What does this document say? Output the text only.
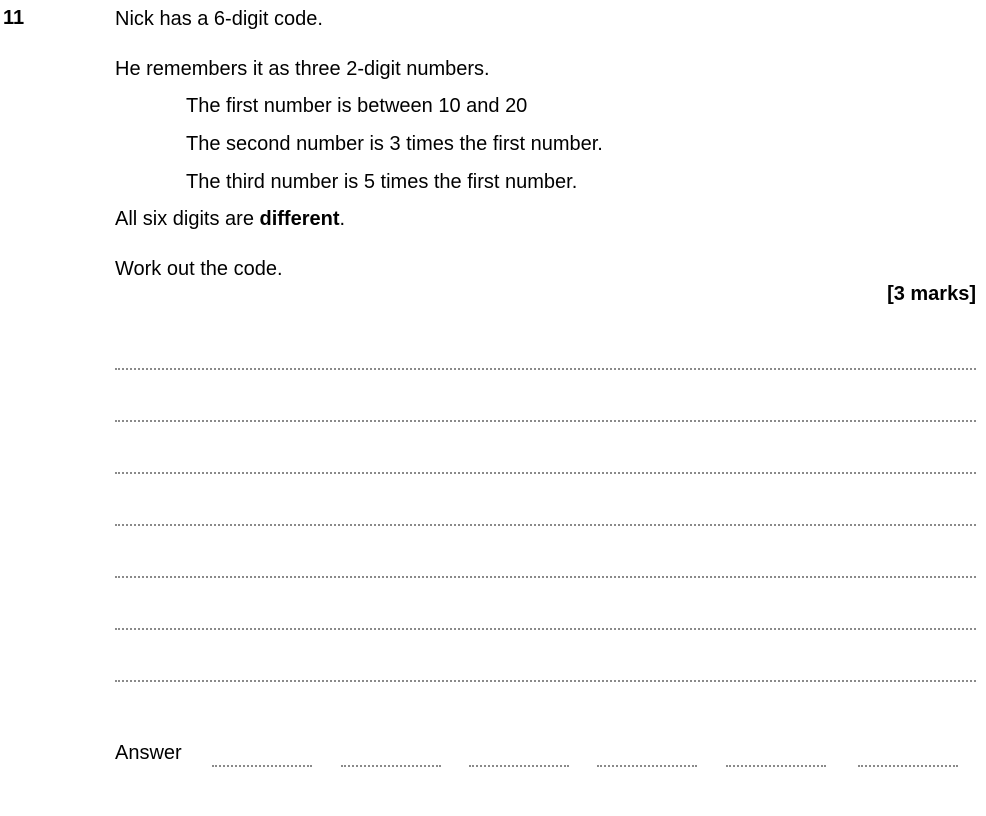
11	Nick has a 6-digit code.
He remembers it as three 2-digit numbers.
The first number is between 10 and 20
The second number is 3 times the first number.
The third number is 5 times the first number.
All six digits are different.
Work out the code.
[3 marks]
Answer
